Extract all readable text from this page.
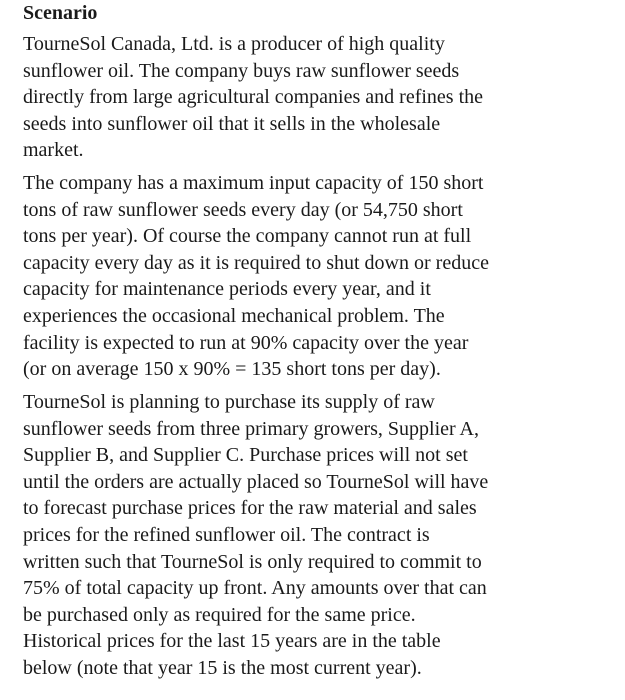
Scenario

TourneSol Canada, Ltd. is a producer of high quality
sunflower oil. The company buys raw sunflower seeds
directly from large agricultural companies and refines the
seeds into sunflower oil that it sells in the wholesale
market.

The company has a maximum input capacity of 150 short
tons of raw sunflower seeds every day (or 54,750 short
tons per year). Of course the company cannot run at full
capacity every day as it is required to shut down or reduce
capacity for maintenance periods every year, and it
experiences the occasional mechanical problem. The
facility is expected to run at 90% capacity over the year
(or on average 150 x 90% = 135 short tons per day).

TourneSol is planning to purchase its supply of raw
sunflower seeds from three primary growers, Supplier A,
Supplier B, and Supplier C. Purchase prices will not set
until the orders are actually placed so TourneSol will have
to forecast purchase prices for the raw material and sales
prices for the refined sunflower oil. The contract is
written such that TourneSol is only required to commit to
75% of total capacity up front. Any amounts over that can
be purchased only as required for the same price.
Historical prices for the last 15 years are in the table
below (note that year 15 is the most current year).
